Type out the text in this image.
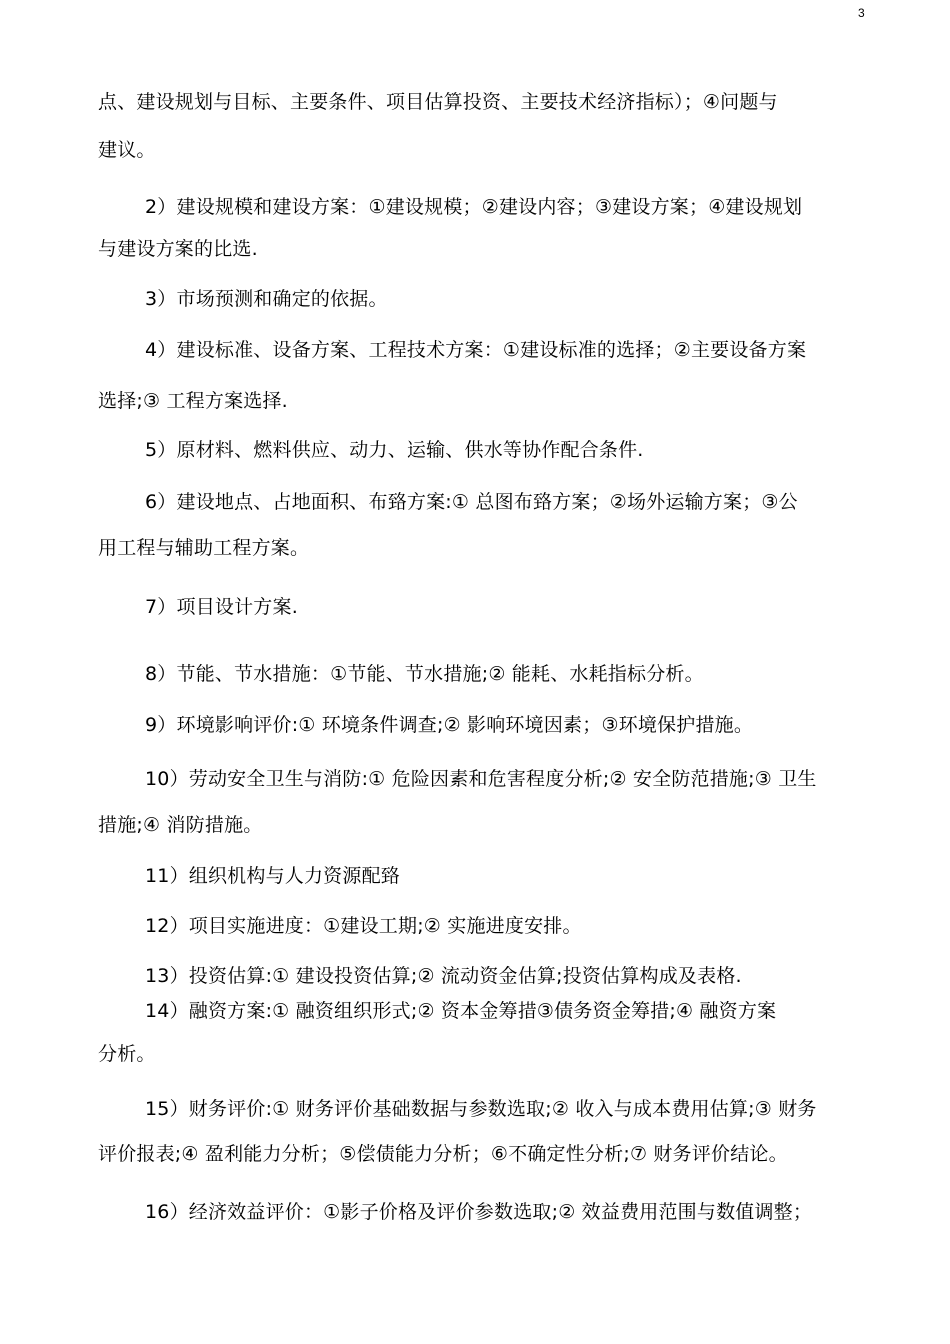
3
点、建设规划与目标、主要条件、项目估算投资、主要技术经济指标）；④问题与
建议。
2）建设规模和建设方案：①建设规模；②建设内容；③建设方案；④建设规划
与建设方案的比选.
3）市场预测和确定的依据。
4）建设标准、设备方案、工程技术方案：①建设标准的选择；②主要设备方案
选择;③ 工程方案选择.
5）原材料、燃料供应、动力、运输、供水等协作配合条件.
6）建设地点、占地面积、布臵方案:① 总图布臵方案；②场外运输方案；③公
用工程与辅助工程方案。
7）项目设计方案.
8）节能、节水措施：①节能、节水措施;② 能耗、水耗指标分析。
9）环境影响评价:① 环境条件调查;② 影响环境因素；③环境保护措施。
10）劳动安全卫生与消防:① 危险因素和危害程度分析;② 安全防范措施;③ 卫生
措施;④ 消防措施。
11）组织机构与人力资源配臵
12）项目实施进度：①建设工期;② 实施进度安排。
13）投资估算:① 建设投资估算;② 流动资金估算;投资估算构成及表格.
14）融资方案:① 融资组织形式;② 资本金筹措③债务资金筹措;④ 融资方案
分析。
15）财务评价:① 财务评价基础数据与参数选取;② 收入与成本费用估算;③ 财务
评价报表;④ 盈利能力分析；⑤偿债能力分析；⑥不确定性分析;⑦ 财务评价结论。
16）经济效益评价：①影子价格及评价参数选取;② 效益费用范围与数值调整；
